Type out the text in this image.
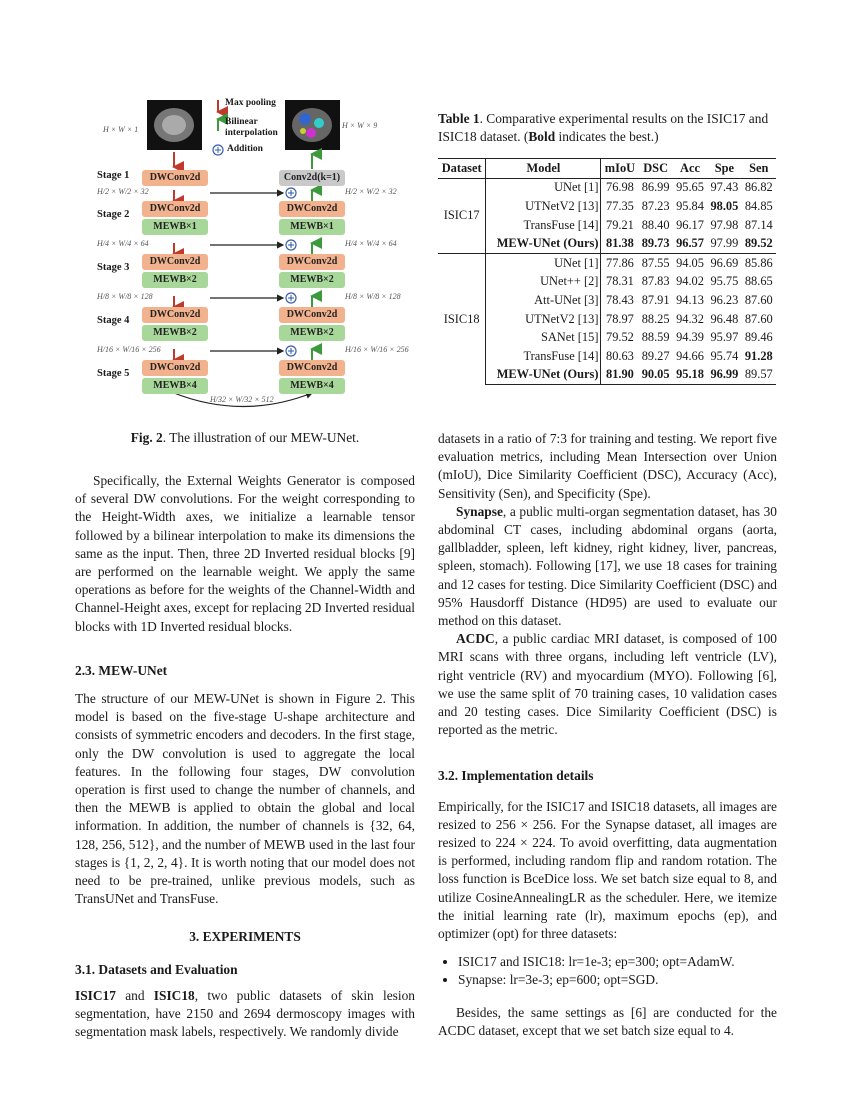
Max pooling
Bilinear interpolation
Addition
H × W × 1	H × W × 9
Stage 1
Stage 2
Stage 3
Stage 4
Stage 5
H/2 × W/2 × 32
H/4 × W/4 × 64
H/8 × W/8 × 128
H/16 × W/16 × 256
H/2 × W/2 × 32
H/4 × W/4 × 64
H/8 × W/8 × 128
H/16 × W/16 × 256
H/32 × W/32 × 512
DWConv2d
DWConv2d
MEWB×1
DWConv2d
MEWB×2
DWConv2d
MEWB×2
DWConv2d
MEWB×4
Conv2d(k=1)
DWConv2d
MEWB×1
DWConv2d
MEWB×2
DWConv2d
MEWB×2
DWConv2d
MEWB×4
Fig. 2. The illustration of our MEW-UNet.

Specifically, the External Weights Generator is composed of several DW convolutions. For the weight corresponding to the Height-Width axes, we initialize a learnable tensor followed by a bilinear interpolation to make its dimensions the same as the input. Then, three 2D Inverted residual blocks [9] are performed on the learnable weight. We apply the same operations as before for the weights of the Channel-Width and Channel-Height axes, except for replacing 2D Inverted residual blocks with 1D Inverted residual blocks.

2.3. MEW-UNet

The structure of our MEW-UNet is shown in Figure 2. This model is based on the five-stage U-shape architecture and consists of symmetric encoders and decoders. In the first stage, only the DW convolution is used to aggregate the local features. In the following four stages, DW convolution operation is first used to change the number of channels, and then the MEWB is applied to obtain the global and local information. In addition, the number of channels is {32, 64, 128, 256, 512}, and the number of MEWB used in the last four stages is {1, 2, 2, 4}. It is worth noting that our model does not need to be pre-trained, unlike previous models, such as TransUNet and TransFuse.

3. EXPERIMENTS

3.1. Datasets and Evaluation

ISIC17 and ISIC18, two public datasets of skin lesion segmentation, have 2150 and 2694 dermoscopy images with segmentation mask labels, respectively. We randomly divide

Table 1. Comparative experimental results on the ISIC17 and ISIC18 dataset. (Bold indicates the best.)
Dataset	Model	mIoU	DSC	Acc	Spe	Sen
ISIC17	UNet [1]	76.98	86.99	95.65	97.43	86.82
	UTNetV2 [13]	77.35	87.23	95.84	98.05	84.85
	TransFuse [14]	79.21	88.40	96.17	97.98	87.14
	MEW-UNet (Ours)	81.38	89.73	96.57	97.99	89.52
ISIC18	UNet [1]	77.86	87.55	94.05	96.69	85.86
	UNet++ [2]	78.31	87.83	94.02	95.75	88.65
	Att-UNet [3]	78.43	87.91	94.13	96.23	87.60
	UTNetV2 [13]	78.97	88.25	94.32	96.48	87.60
	SANet [15]	79.52	88.59	94.39	95.97	89.46
	TransFuse [14]	80.63	89.27	94.66	95.74	91.28
	MEW-UNet (Ours)	81.90	90.05	95.18	96.99	89.57

datasets in a ratio of 7:3 for training and testing. We report five evaluation metrics, including Mean Intersection over Union (mIoU), Dice Similarity Coefficient (DSC), Accuracy (Acc), Sensitivity (Sen), and Specificity (Spe).

Synapse, a public multi-organ segmentation dataset, has 30 abdominal CT cases, including abdominal organs (aorta, gallbladder, spleen, left kidney, right kidney, liver, pancreas, spleen, stomach). Following [17], we use 18 cases for training and 12 cases for testing. Dice Similarity Coefficient (DSC) and 95% Hausdorff Distance (HD95) are used to evaluate our method on this dataset.

ACDC, a public cardiac MRI dataset, is composed of 100 MRI scans with three organs, including left ventricle (LV), right ventricle (RV) and myocardium (MYO). Following [6], we use the same split of 70 training cases, 10 validation cases and 20 testing cases. Dice Similarity Coefficient (DSC) is reported as the metric.

3.2. Implementation details

Empirically, for the ISIC17 and ISIC18 datasets, all images are resized to 256 × 256. For the Synapse dataset, all images are resized to 224 × 224. To avoid overfitting, data augmentation is performed, including random flip and random rotation. The loss function is BceDice loss. We set batch size equal to 8, and utilize CosineAnnealingLR as the scheduler. Here, we itemize the initial learning rate (lr), maximum epochs (ep), and optimizer (opt) for three datasets:

• ISIC17 and ISIC18: lr=1e-3; ep=300; opt=AdamW.
• Synapse: lr=3e-3; ep=600; opt=SGD.

Besides, the same settings as [6] are conducted for the ACDC dataset, except that we set batch size equal to 4.
